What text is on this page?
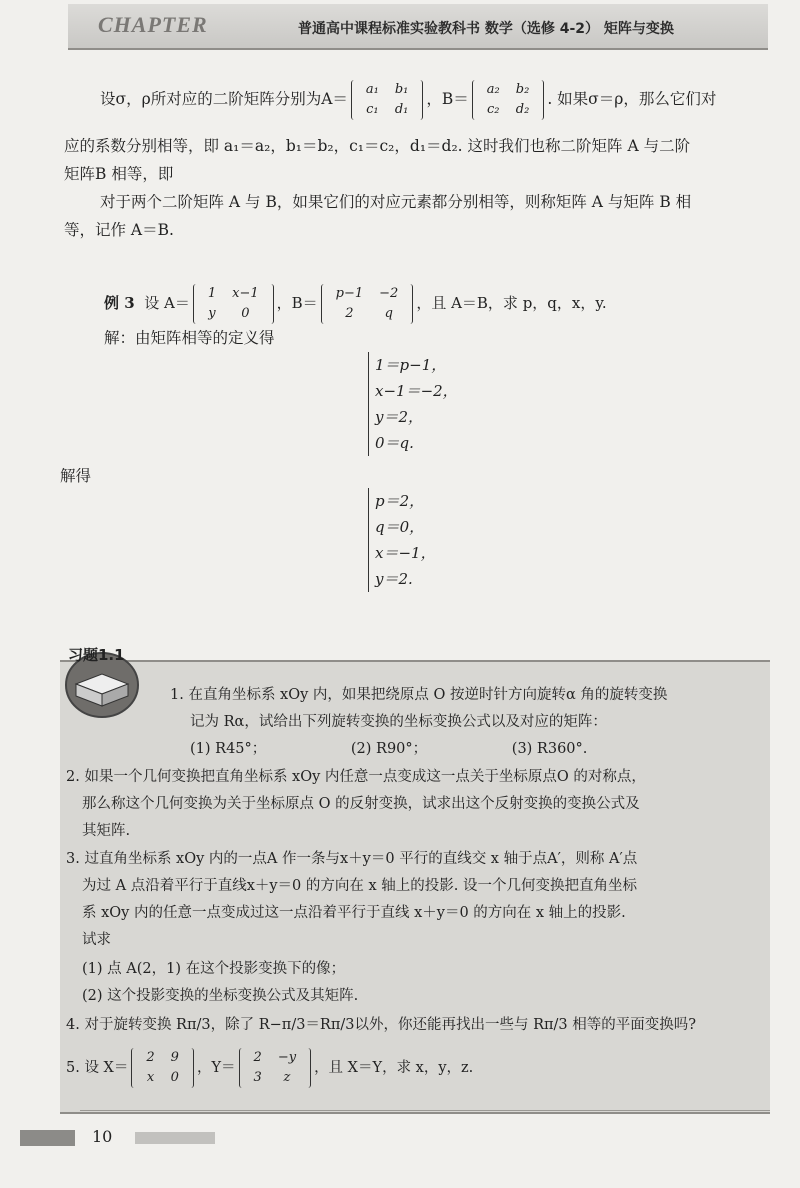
CHAPTER	普通高中课程标准实验教科书 数学（选修 4-2） 矩阵与变换
设σ，ρ所对应的二阶矩阵分别为A＝
a₁	b₁
c₁	d₁
，B＝
a₂	b₂
c₂	d₂
. 如果σ＝ρ，那么它们对
应的系数分别相等，即 a₁＝a₂，b₁＝b₂，c₁＝c₂，d₁＝d₂. 这时我们也称二阶矩阵 A 与二阶
矩阵B 相等，即
对于两个二阶矩阵 A 与 B，如果它们的对应元素都分别相等，则称矩阵 A 与矩阵 B 相
等，记作 A＝B.
例 3 设 A＝
1	x−1
y	0
，B＝
p−1	−2
2	q
，且 A＝B，求 p，q，x，y.
解：由矩阵相等的定义得
1＝p−1，
x−1＝−2，
y＝2，
0＝q.
解得
p＝2，
q＝0，
x＝−1，
y＝2.
习题1.1
1. 在直角坐标系 xOy 内，如果把绕原点 O 按逆时针方向旋转α 角的旋转变换
记为 Rα，试给出下列旋转变换的坐标变换公式以及对应的矩阵：
(1) R45°；	(2) R90°；	(3) R360°.
2. 如果一个几何变换把直角坐标系 xOy 内任意一点变成这一点关于坐标原点O 的对称点，
那么称这个几何变换为关于坐标原点 O 的反射变换，试求出这个反射变换的变换公式及
其矩阵.
3. 过直角坐标系 xOy 内的一点A 作一条与x＋y＝0 平行的直线交 x 轴于点A′，则称 A′点
为过 A 点沿着平行于直线x＋y＝0 的方向在 x 轴上的投影. 设一个几何变换把直角坐标
系 xOy 内的任意一点变成过这一点沿着平行于直线 x＋y＝0 的方向在 x 轴上的投影.
试求
(1) 点 A(2，1) 在这个投影变换下的像；
(2) 这个投影变换的坐标变换公式及其矩阵.
4. 对于旋转变换 Rπ/3，除了 R−π/3＝Rπ/3以外，你还能再找出一些与 Rπ/3 相等的平面变换吗?
5. 设 X＝
2	9
x	0
，Y＝
2	−y
3	z
，且 X＝Y，求 x，y，z.
10
